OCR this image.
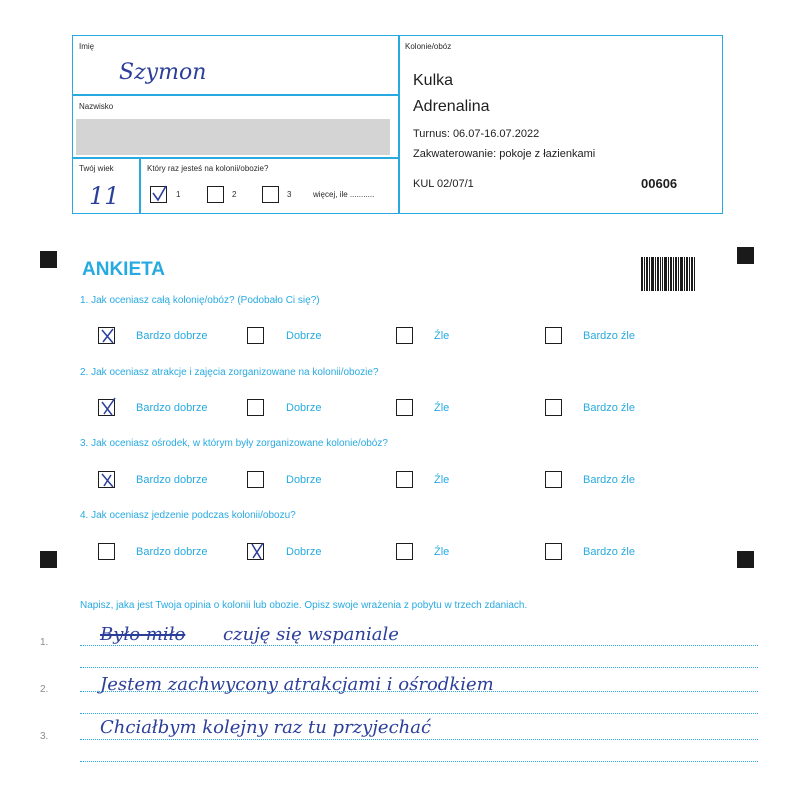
Imię
Szymon
Nazwisko
Twój wiek
11
Który raz jesteś na kolonii/obozie?
1	2	3	więcej, ile ...........
Kolonie/obóz
Kulka
Adrenalina
Turnus: 06.07-16.07.2022
Zakwaterowanie: pokoje z łazienkami
KUL 02/07/1	00606
ANKIETA
1. Jak oceniasz całą kolonię/obóz? (Podobało Ci się?)
Bardzo dobrze	Dobrze	Źle	Bardzo źle
2. Jak oceniasz atrakcje i zajęcia zorganizowane na kolonii/obozie?
Bardzo dobrze	Dobrze	Źle	Bardzo źle
3. Jak oceniasz ośrodek, w którym były zorganizowane kolonie/obóz?
Bardzo dobrze	Dobrze	Źle	Bardzo źle
4. Jak oceniasz jedzenie podczas kolonii/obozu?
Bardzo dobrze	Dobrze	Źle	Bardzo źle
Napisz, jaka jest Twoja opinia o kolonii lub obozie. Opisz swoje wrażenia z pobytu w trzech zdaniach.
1.	Było miło czuję się wspaniale
2.	Jestem zachwycony atrakcjami i ośrodkiem
3.	Chciałbym kolejny raz tu przyjechać
